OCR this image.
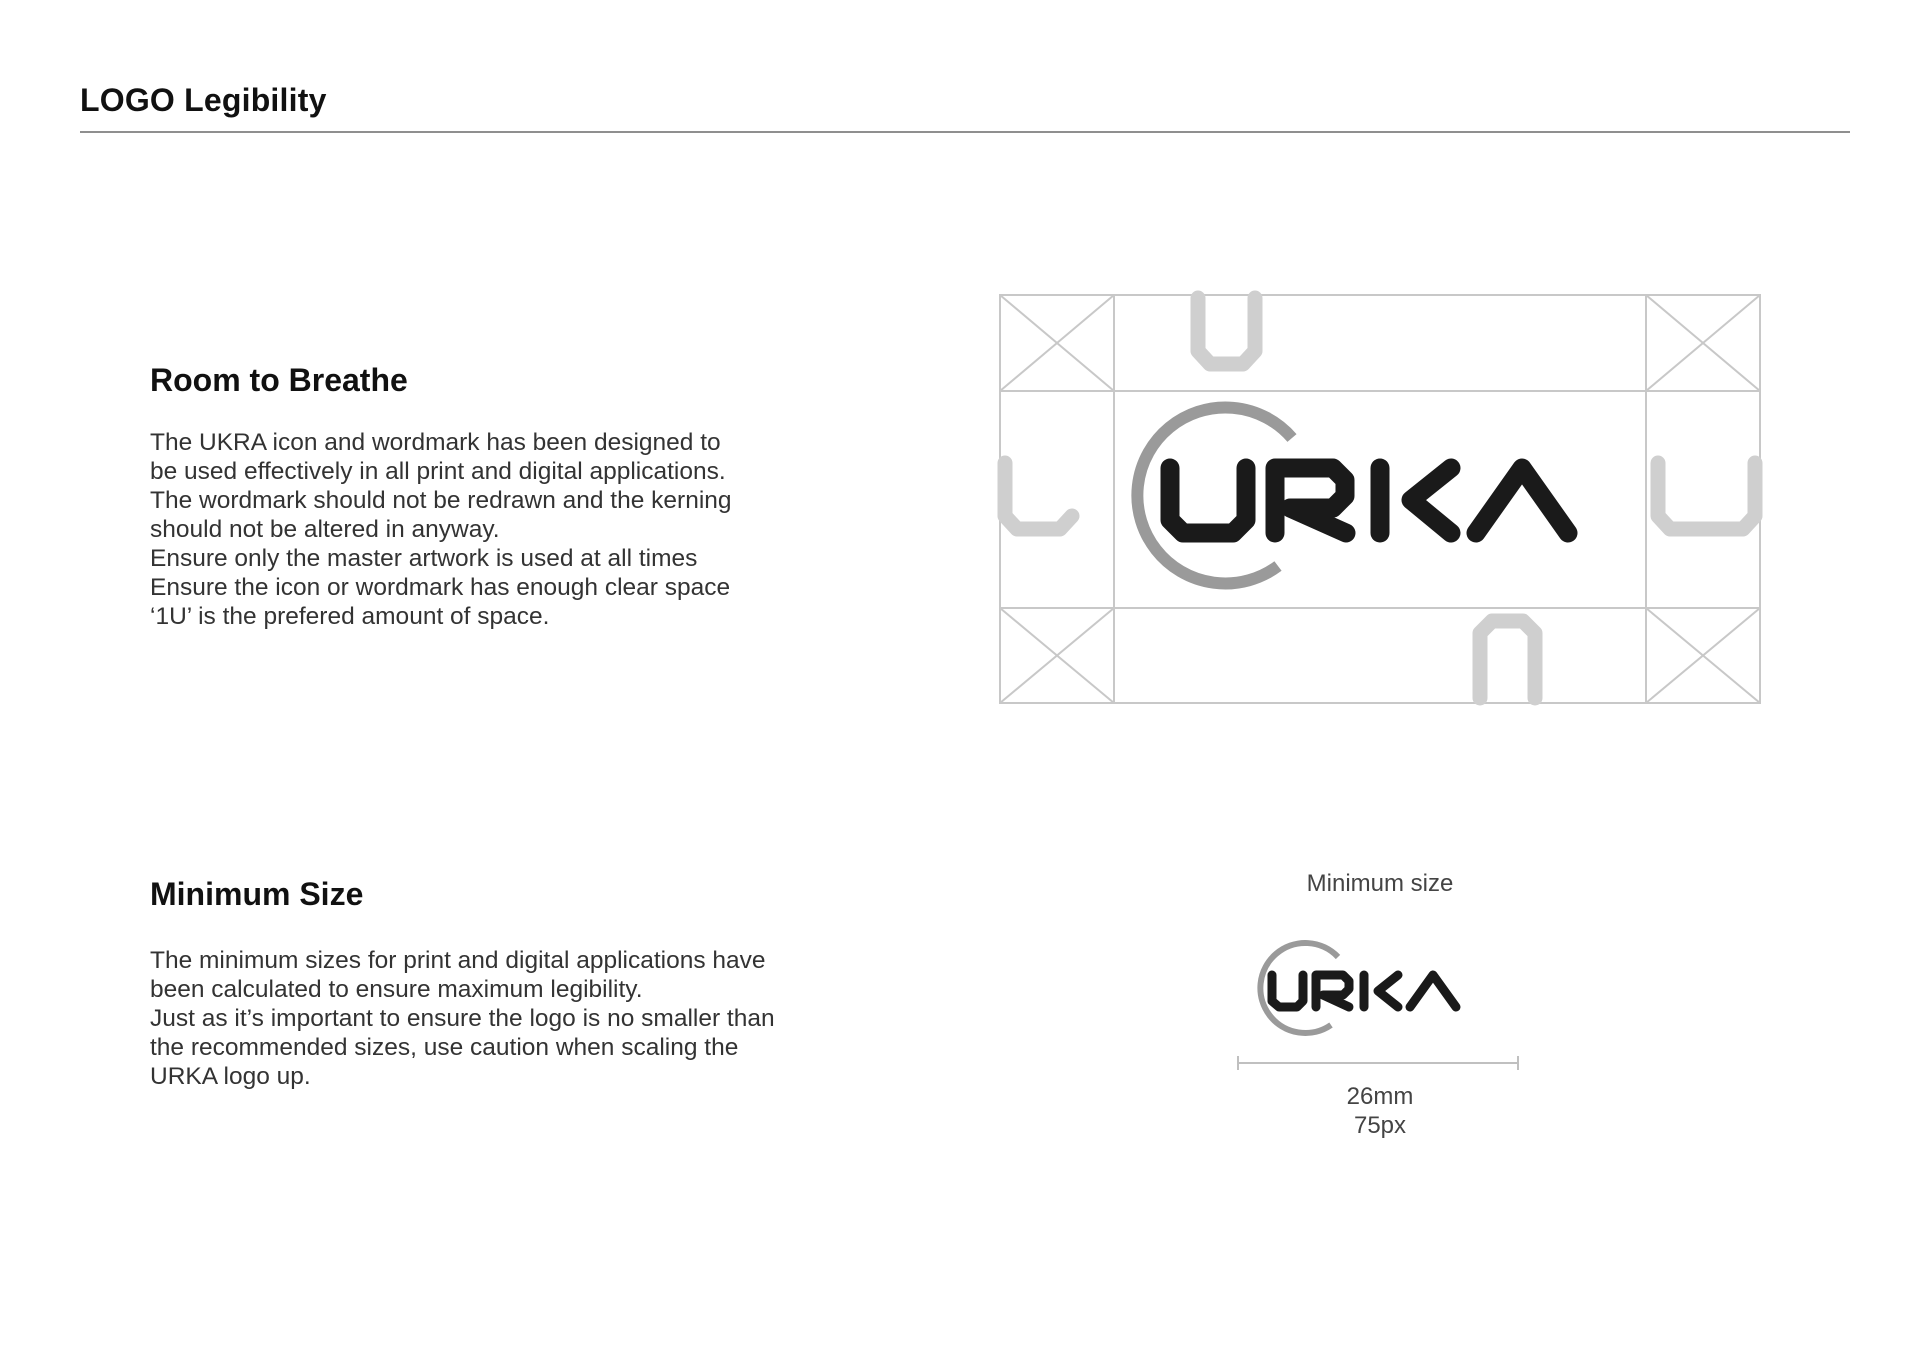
LOGO Legibility
Room to Breathe

The UKRA icon and wordmark has been designed to
be used effectively in all print and digital applications.
The wordmark should not be redrawn and the kerning
should not be altered in anyway.
Ensure only the master artwork is used at all times
Ensure the icon or wordmark has enough clear space
‘1U’ is the prefered amount of space.

Minimum Size

The minimum sizes for print and digital applications have
been calculated to ensure maximum legibility.
Just as it’s important to ensure the logo is no smaller than
the recommended sizes, use caution when scaling the
URKA logo up.

Minimum size
26mm
75px
